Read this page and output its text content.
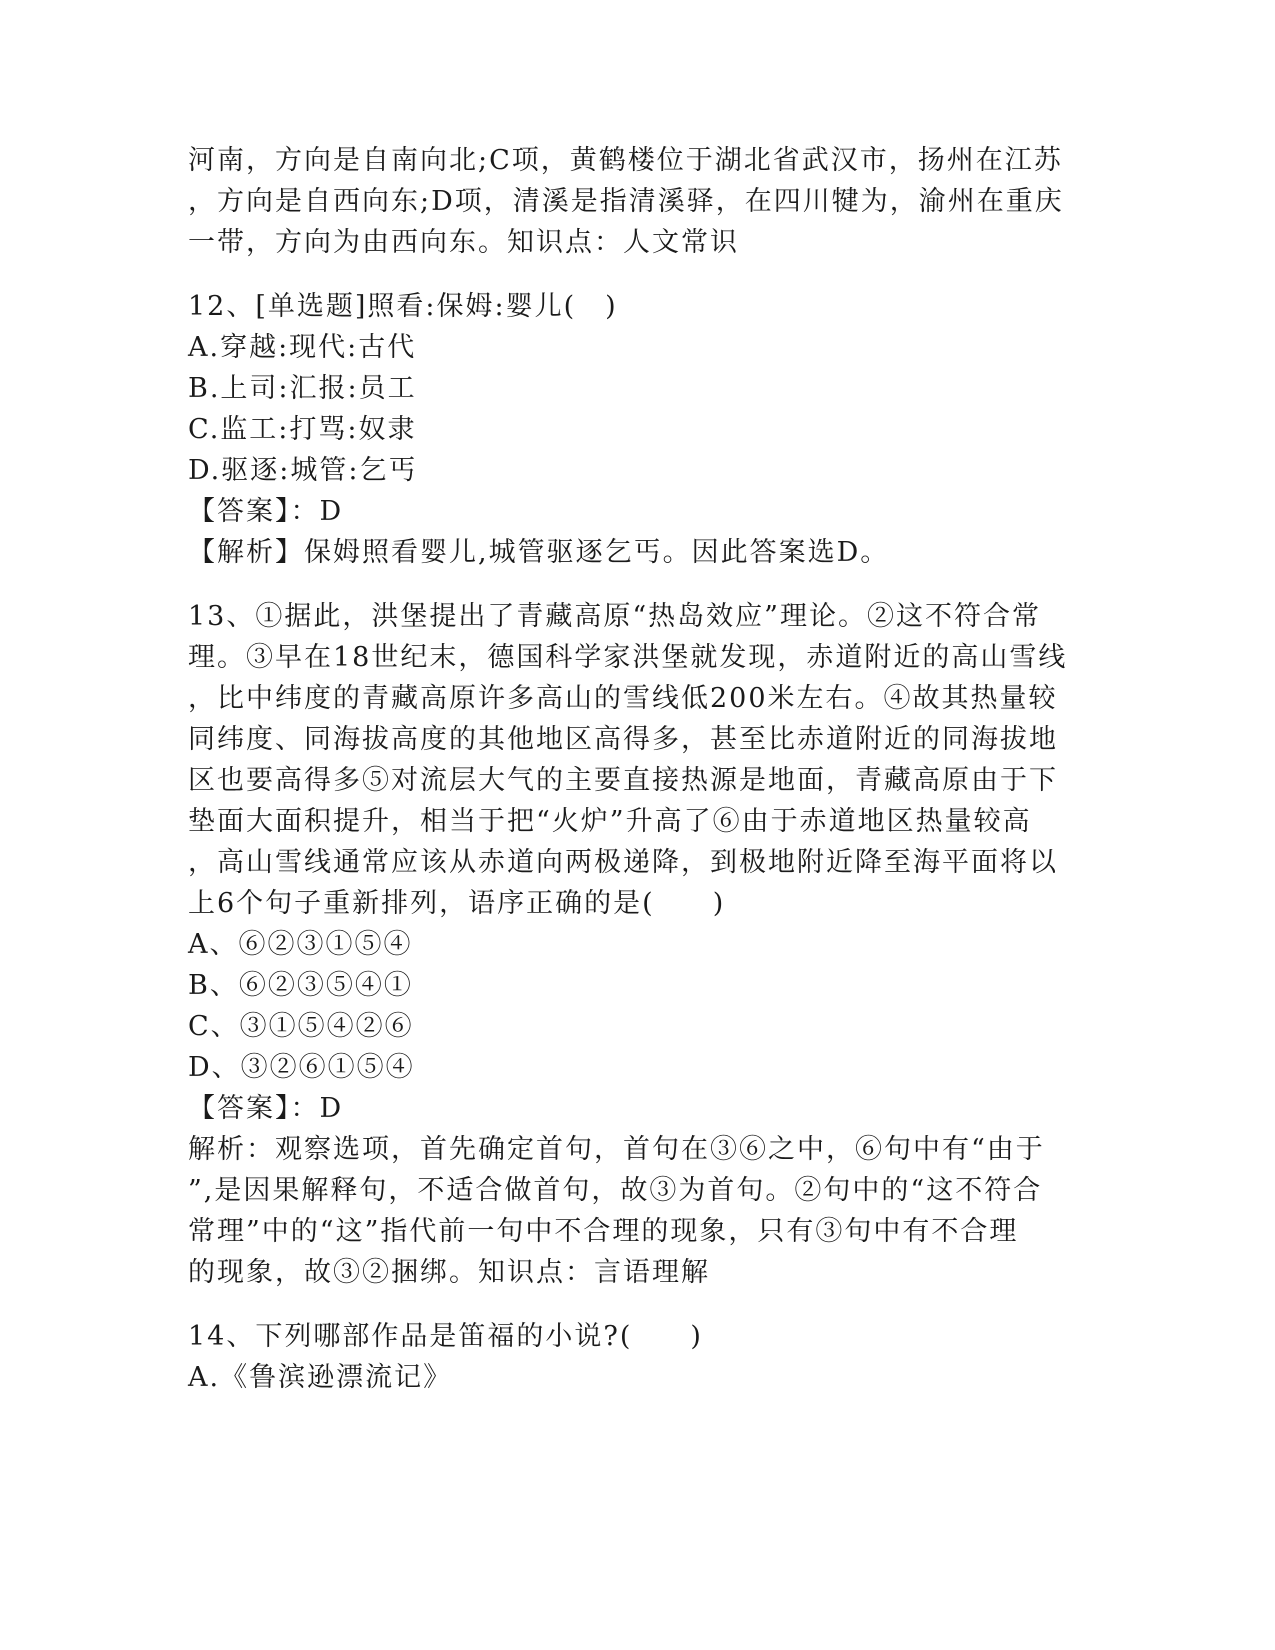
河南，方向是自南向北;C项，黄鹤楼位于湖北省武汉市，扬州在江苏
，方向是自西向东;D项，清溪是指清溪驿，在四川犍为，渝州在重庆
一带，方向为由西向东。知识点：人文常识
12、[单选题]照看:保姆:婴儿(　)
A.穿越:现代:古代
B.上司:汇报:员工
C.监工:打骂:奴隶
D.驱逐:城管:乞丐
【答案】：D
【解析】保姆照看婴儿,城管驱逐乞丐。因此答案选D。
13、①据此，洪堡提出了青藏高原“热岛效应”理论。②这不符合常
理。③早在18世纪末，德国科学家洪堡就发现，赤道附近的高山雪线
，比中纬度的青藏高原许多高山的雪线低200米左右。④故其热量较
同纬度、同海拔高度的其他地区高得多，甚至比赤道附近的同海拔地
区也要高得多⑤对流层大气的主要直接热源是地面，青藏高原由于下
垫面大面积提升，相当于把“火炉”升高了⑥由于赤道地区热量较高
，高山雪线通常应该从赤道向两极递降，到极地附近降至海平面将以
上6个句子重新排列，语序正确的是(　　)
A、⑥②③①⑤④
B、⑥②③⑤④①
C、③①⑤④②⑥
D、③②⑥①⑤④
【答案】：D
解析：观察选项，首先确定首句，首句在③⑥之中，⑥句中有“由于
”,是因果解释句，不适合做首句，故③为首句。②句中的“这不符合
常理”中的“这”指代前一句中不合理的现象，只有③句中有不合理
的现象，故③②捆绑。知识点：言语理解
14、下列哪部作品是笛福的小说?(　　)
A.《鲁滨逊漂流记》
